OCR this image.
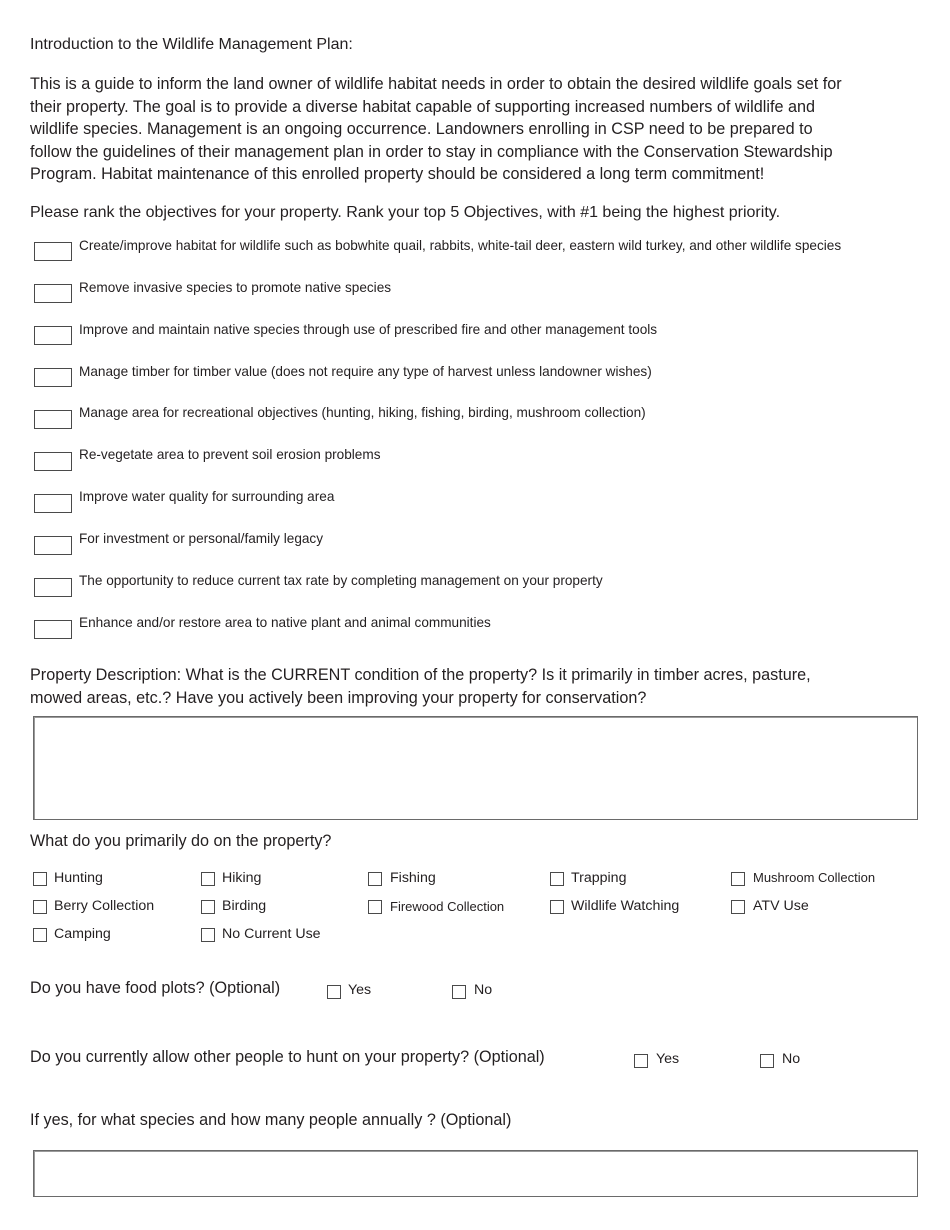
Introduction to the Wildlife Management Plan:
This is a guide to inform the land owner of wildlife habitat needs in order to obtain the desired wildlife goals set for
their property. The goal is to provide a diverse habitat capable of supporting increased numbers of wildlife and
wildlife species. Management is an ongoing occurrence. Landowners enrolling in CSP need to be prepared to
follow the guidelines of their management plan in order to stay in compliance with the Conservation Stewardship
Program. Habitat maintenance of this enrolled property should be considered a long term commitment!
Please rank the objectives for your property. Rank your top 5 Objectives, with #1 being the highest priority.
Create/improve habitat for wildlife such as bobwhite quail, rabbits, white-tail deer, eastern wild turkey, and other wildlife species
Remove invasive species to promote native species
Improve and maintain native species through use of prescribed fire and other management tools
Manage timber for timber value (does not require any type of harvest unless landowner wishes)
Manage area for recreational objectives (hunting, hiking, fishing, birding, mushroom collection)
Re-vegetate area to prevent soil erosion problems
Improve water quality for surrounding area
For investment or personal/family legacy
The opportunity to reduce current tax rate by completing management on your property
Enhance and/or restore area to native plant and animal communities
Property Description: What is the CURRENT condition of the property? Is it primarily in timber acres, pasture,
mowed areas, etc.? Have you actively been improving your property for conservation?
What do you primarily do on the property?
Hunting	Hiking	Fishing	Trapping	Mushroom Collection
Berry Collection	Birding	Firewood Collection	Wildlife Watching	ATV Use
Camping	No Current Use
Do you have food plots? (Optional)	Yes	No
Do you currently allow other people to hunt on your property? (Optional)	Yes	No
If yes, for what species and how many people annually ? (Optional)
